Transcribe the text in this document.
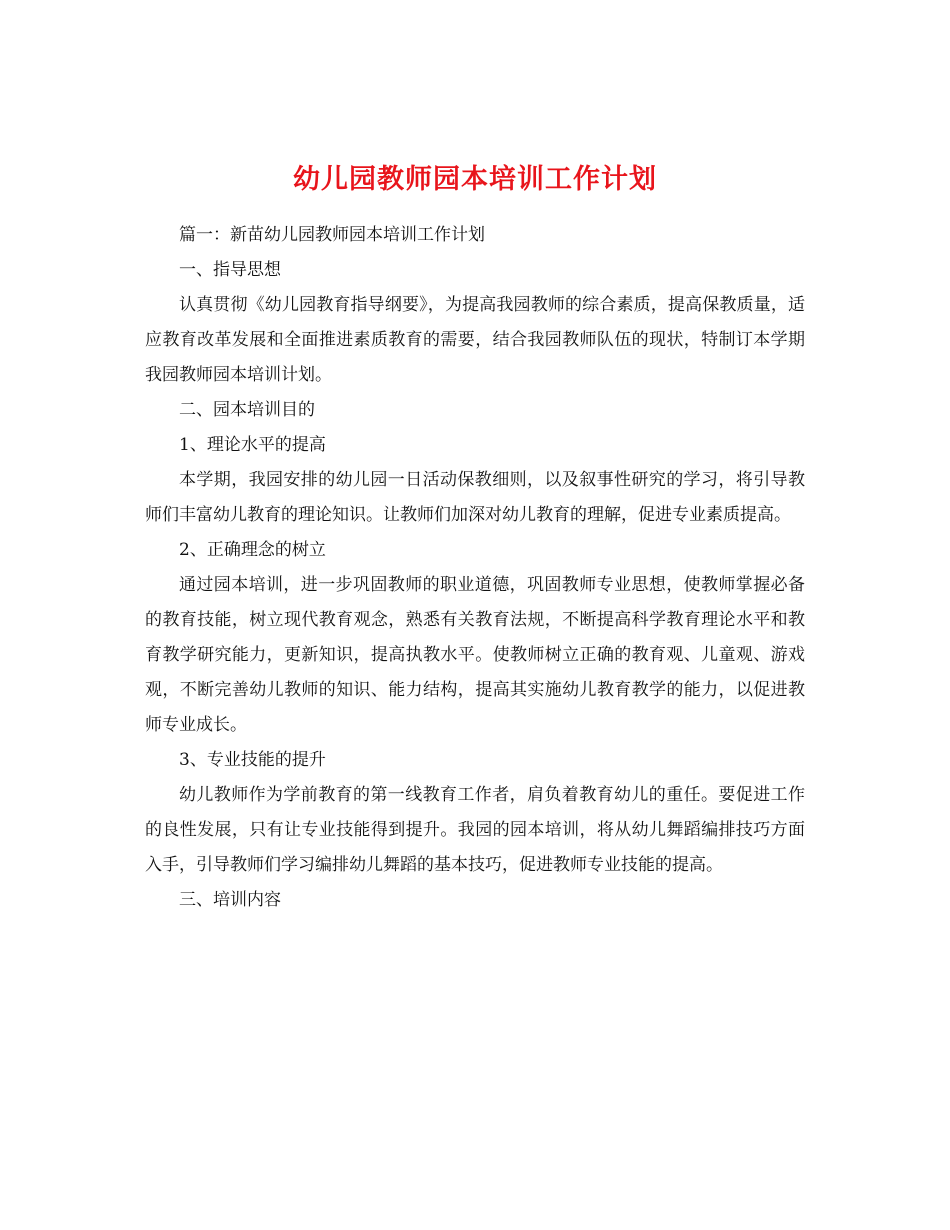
幼儿园教师园本培训工作计划

篇一：新苗幼儿园教师园本培训工作计划

一、指导思想

认真贯彻《幼儿园教育指导纲要》，为提高我园教师的综合素质，提高保教质量，适应教育改革发展和全面推进素质教育的需要，结合我园教师队伍的现状，特制订本学期我园教师园本培训计划。

二、园本培训目的

1、理论水平的提高

本学期，我园安排的幼儿园一日活动保教细则，以及叙事性研究的学习，将引导教师们丰富幼儿教育的理论知识。让教师们加深对幼儿教育的理解，促进专业素质提高。

2、正确理念的树立

通过园本培训，进一步巩固教师的职业道德，巩固教师专业思想，使教师掌握必备的教育技能，树立现代教育观念，熟悉有关教育法规，不断提高科学教育理论水平和教育教学研究能力，更新知识，提高执教水平。使教师树立正确的教育观、儿童观、游戏观，不断完善幼儿教师的知识、能力结构，提高其实施幼儿教育教学的能力，以促进教师专业成长。

3、专业技能的提升

幼儿教师作为学前教育的第一线教育工作者，肩负着教育幼儿的重任。要促进工作的良性发展，只有让专业技能得到提升。我园的园本培训，将从幼儿舞蹈编排技巧方面入手，引导教师们学习编排幼儿舞蹈的基本技巧，促进教师专业技能的提高。

三、培训内容
